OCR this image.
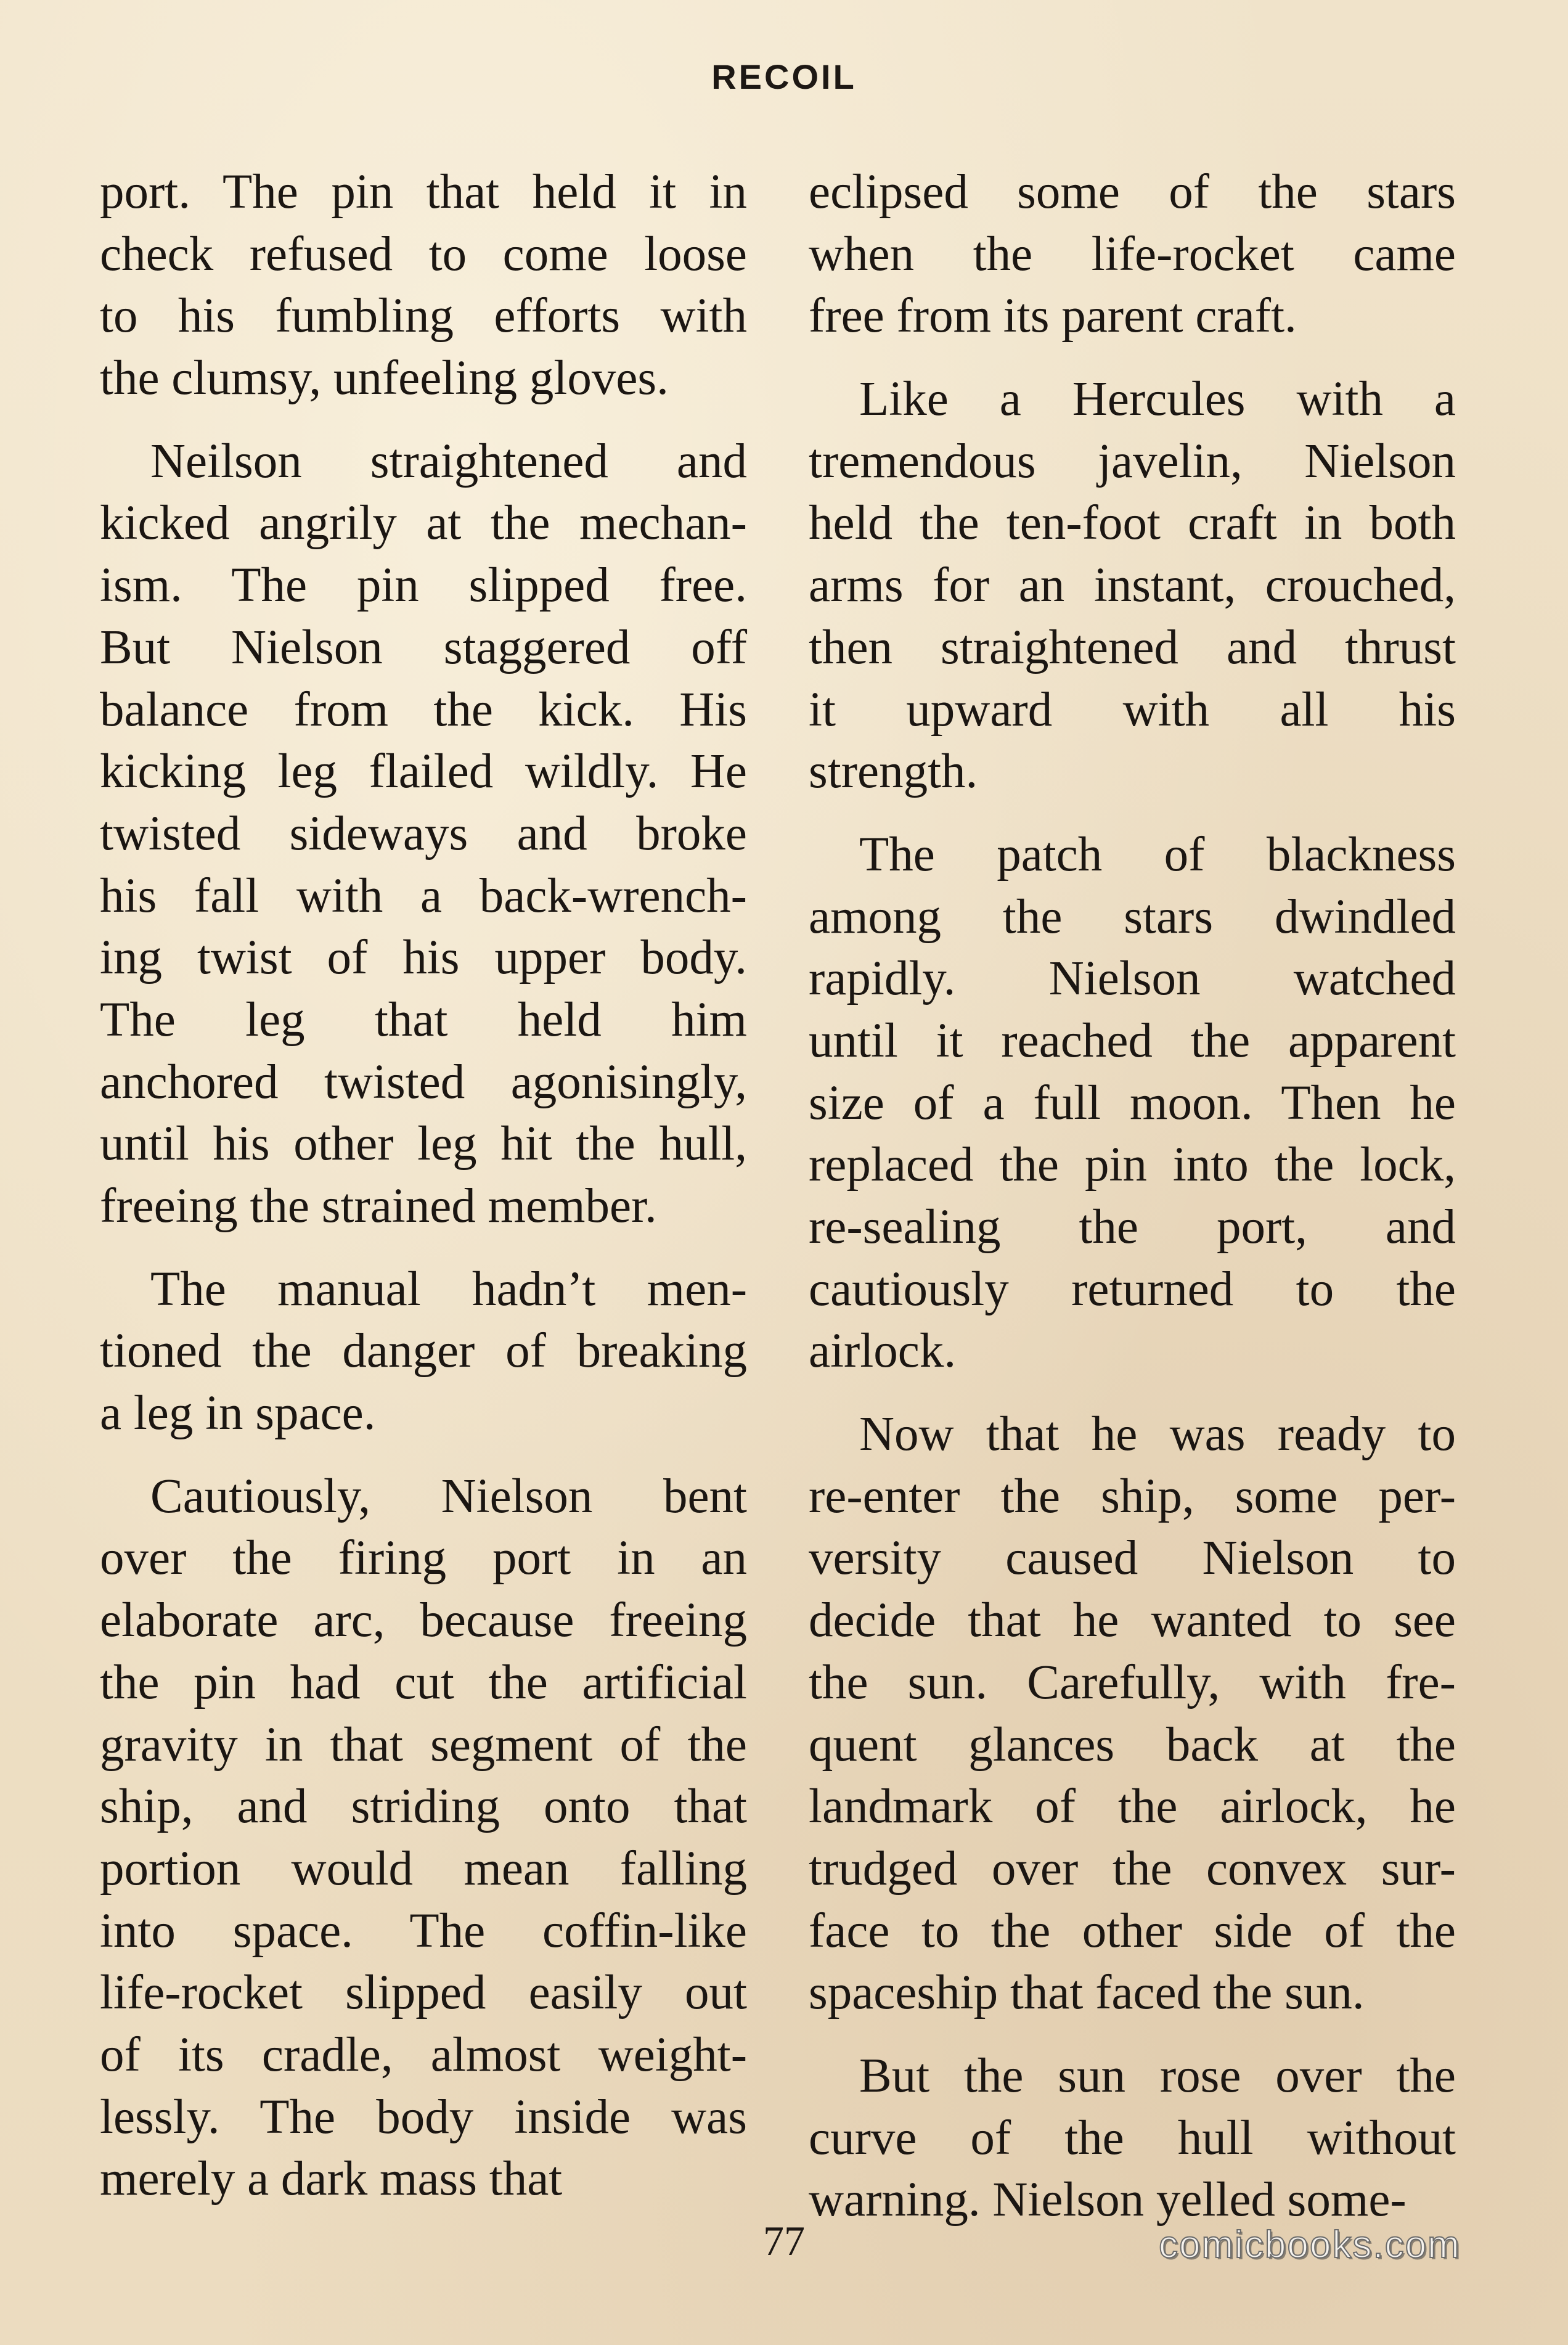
RECOIL
port. The pin that held it in
check refused to come loose
to his fumbling efforts with
the clumsy, unfeeling gloves.
Neilson straightened and
kicked angrily at the mechan-
ism. The pin slipped free.
But Nielson staggered off
balance from the kick. His
kicking leg flailed wildly. He
twisted sideways and broke
his fall with a back-wrench-
ing twist of his upper body.
The leg that held him
anchored twisted agonisingly,
until his other leg hit the hull,
freeing the strained member.
The manual hadn’t men-
tioned the danger of breaking
a leg in space.
Cautiously, Nielson bent
over the firing port in an
elaborate arc, because freeing
the pin had cut the artificial
gravity in that segment of the
ship, and striding onto that
portion would mean falling
into space. The coffin-like
life-rocket slipped easily out
of its cradle, almost weight-
lessly. The body inside was
merely a dark mass that
eclipsed some of the stars
when the life-rocket came
free from its parent craft.
Like a Hercules with a
tremendous javelin, Nielson
held the ten-foot craft in both
arms for an instant, crouched,
then straightened and thrust
it upward with all his
strength.
The patch of blackness
among the stars dwindled
rapidly. Nielson watched
until it reached the apparent
size of a full moon. Then he
replaced the pin into the lock,
re-sealing the port, and
cautiously returned to the
airlock.
Now that he was ready to
re-enter the ship, some per-
versity caused Nielson to
decide that he wanted to see
the sun. Carefully, with fre-
quent glances back at the
landmark of the airlock, he
trudged over the convex sur-
face to the other side of the
spaceship that faced the sun.
But the sun rose over the
curve of the hull without
warning. Nielson yelled some-
77	comicbooks.com
